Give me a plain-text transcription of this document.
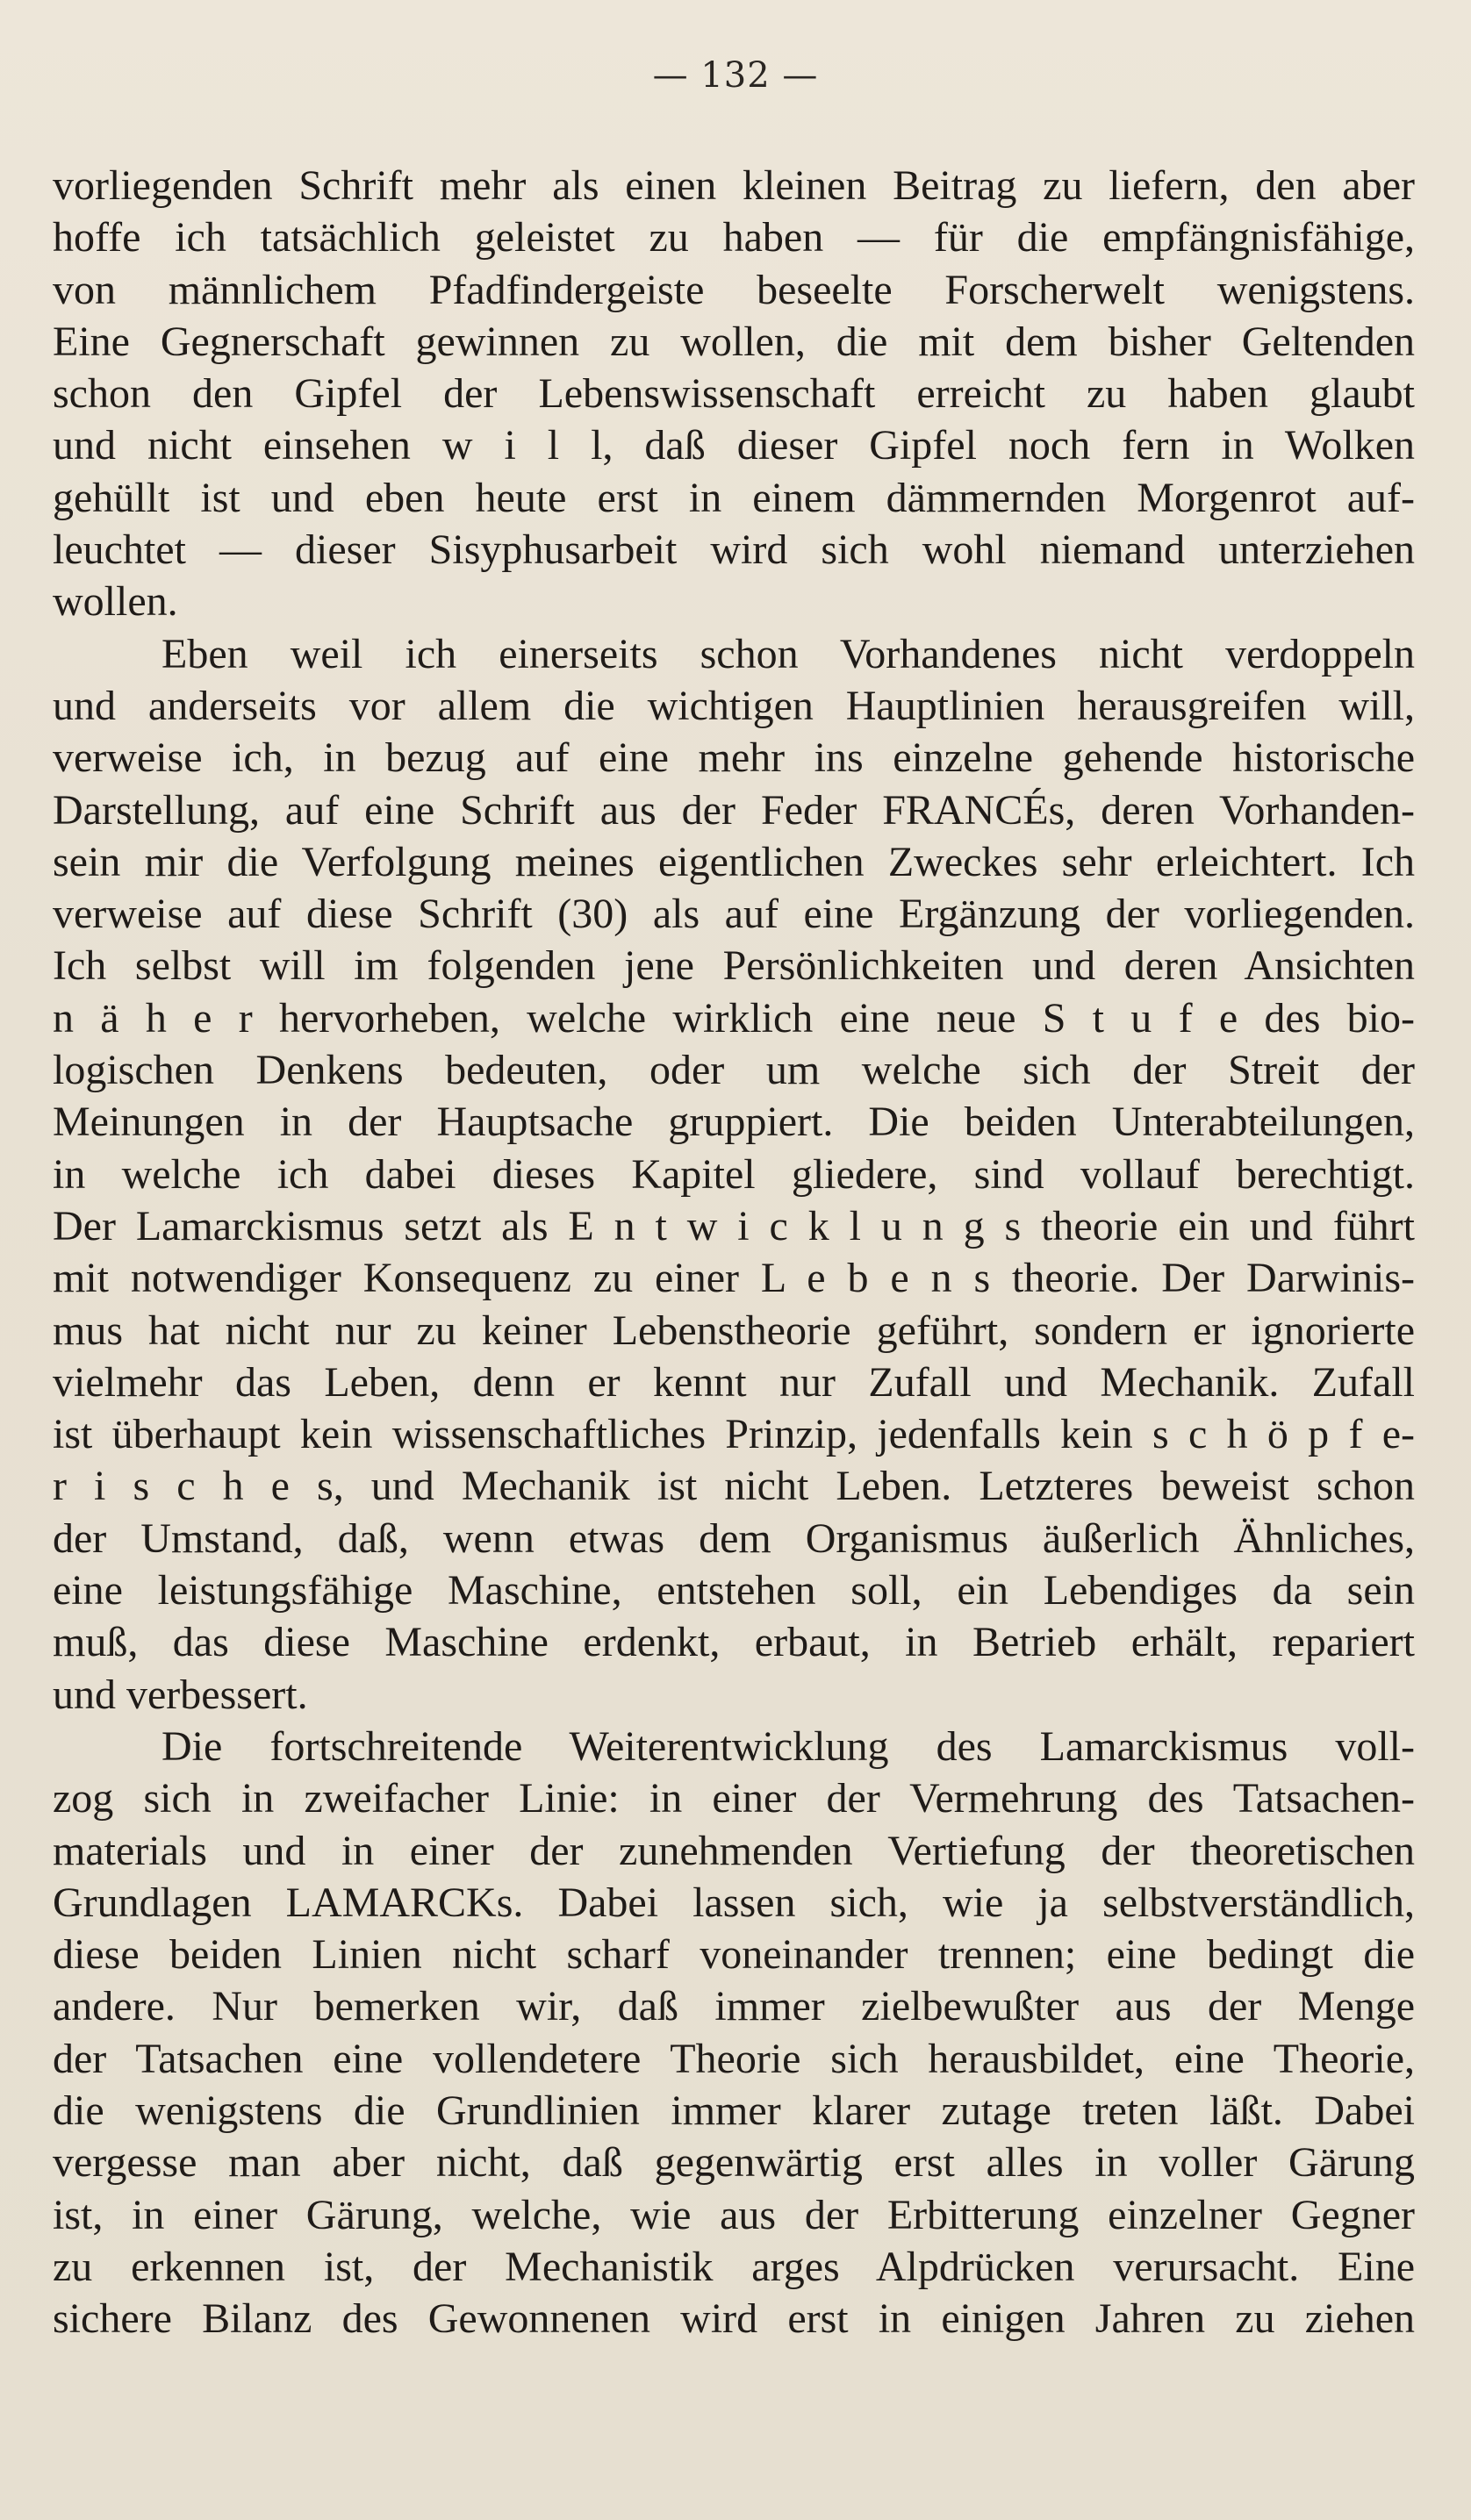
— 132 —
vorliegenden Schrift mehr als einen kleinen Beitrag zu liefern, den aber
hoffe ich tatsächlich geleistet zu haben — für die empfängnisfähige,
von männlichem Pfadfindergeiste beseelte Forscherwelt wenigstens.
Eine Gegnerschaft gewinnen zu wollen, die mit dem bisher Geltenden
schon den Gipfel der Lebenswissenschaft erreicht zu haben glaubt
und nicht einsehen w i l l, daß dieser Gipfel noch fern in Wolken
gehüllt ist und eben heute erst in einem dämmernden Morgenrot auf-
leuchtet — dieser Sisyphusarbeit wird sich wohl niemand unterziehen
wollen.
Eben weil ich einerseits schon Vorhandenes nicht verdoppeln
und anderseits vor allem die wichtigen Hauptlinien herausgreifen will,
verweise ich, in bezug auf eine mehr ins einzelne gehende historische
Darstellung, auf eine Schrift aus der Feder FRANCÉs, deren Vorhanden-
sein mir die Verfolgung meines eigentlichen Zweckes sehr erleichtert. Ich
verweise auf diese Schrift (30) als auf eine Ergänzung der vorliegenden.
Ich selbst will im folgenden jene Persönlichkeiten und deren Ansichten
n ä h e r hervorheben, welche wirklich eine neue S t u f e des bio-
logischen Denkens bedeuten, oder um welche sich der Streit der
Meinungen in der Hauptsache gruppiert. Die beiden Unterabteilungen,
in welche ich dabei dieses Kapitel gliedere, sind vollauf berechtigt.
Der Lamarckismus setzt als E n t w i c k l u n g s theorie ein und führt
mit notwendiger Konsequenz zu einer L e b e n s theorie. Der Darwinis-
mus hat nicht nur zu keiner Lebenstheorie geführt, sondern er ignorierte
vielmehr das Leben, denn er kennt nur Zufall und Mechanik. Zufall
ist überhaupt kein wissenschaftliches Prinzip, jedenfalls kein s c h ö p f e-
r i s c h e s, und Mechanik ist nicht Leben. Letzteres beweist schon
der Umstand, daß, wenn etwas dem Organismus äußerlich Ähnliches,
eine leistungsfähige Maschine, entstehen soll, ein Lebendiges da sein
muß, das diese Maschine erdenkt, erbaut, in Betrieb erhält, repariert
und verbessert.
Die fortschreitende Weiterentwicklung des Lamarckismus voll-
zog sich in zweifacher Linie: in einer der Vermehrung des Tatsachen-
materials und in einer der zunehmenden Vertiefung der theoretischen
Grundlagen LAMARCKs. Dabei lassen sich, wie ja selbstverständlich,
diese beiden Linien nicht scharf voneinander trennen; eine bedingt die
andere. Nur bemerken wir, daß immer zielbewußter aus der Menge
der Tatsachen eine vollendetere Theorie sich herausbildet, eine Theorie,
die wenigstens die Grundlinien immer klarer zutage treten läßt. Dabei
vergesse man aber nicht, daß gegenwärtig erst alles in voller Gärung
ist, in einer Gärung, welche, wie aus der Erbitterung einzelner Gegner
zu erkennen ist, der Mechanistik arges Alpdrücken verursacht. Eine
sichere Bilanz des Gewonnenen wird erst in einigen Jahren zu ziehen
